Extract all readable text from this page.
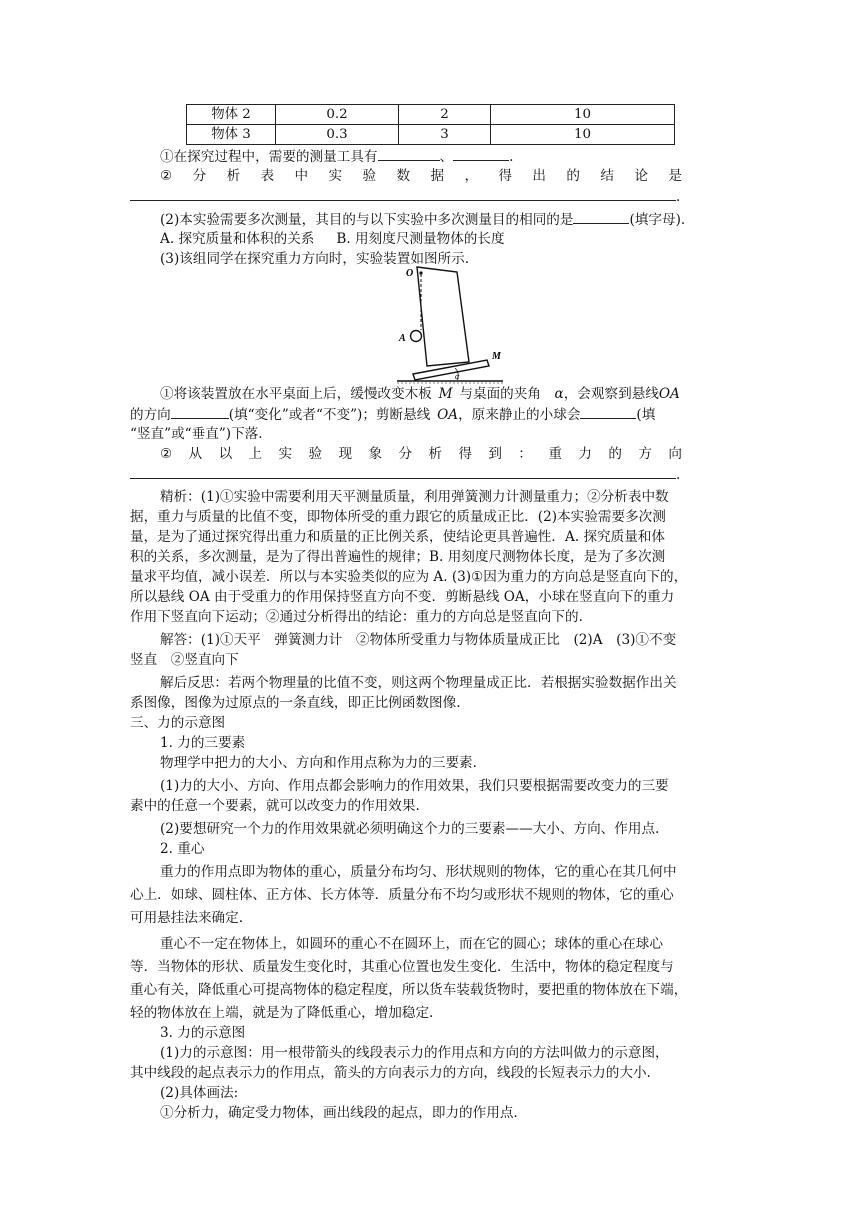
物体 2	0.2	2	10
物体 3	0.3	3	10
①在探究过程中，需要的测量工具有	、	.
② 分 析 表 中 实 验 数 据 ， 得 出 的 结 论 是
.
(2)本实验需要多次测量，其目的与以下实验中多次测量目的相同的是	(填字母).
A. 探究质量和体积的关系 B. 用刻度尺测量物体的长度
(3)该组同学在探究重力方向时，实验装置如图所示.
O
A
M
α
①将该装置放在水平桌面上后，缓慢改变木板  M  与桌面的夹角   α，会观察到悬线OA
的方向	(填“变化”或者“不变”)；剪断悬线  OA，原来静止的小球会	(填
“竖直”或“垂直”)下落.
② 从 以 上 实 验 现 象 分 析 得 到 ： 重 力 的 方 向
.
精析：(1)①实验中需要利用天平测量质量，利用弹簧测力计测量重力；②分析表中数
据，重力与质量的比值不变，即物体所受的重力跟它的质量成正比．(2)本实验需要多次测
量，是为了通过探究得出重力和质量的正比例关系，使结论更具普遍性．A. 探究质量和体
积的关系，多次测量，是为了得出普遍性的规律；B. 用刻度尺测物体长度，是为了多次测
量求平均值，减小误差．所以与本实验类似的应为 A. (3)①因为重力的方向总是竖直向下的，
所以悬线 OA 由于受重力的作用保持竖直方向不变．剪断悬线 OA，小球在竖直向下的重力
作用下竖直向下运动；②通过分析得出的结论：重力的方向总是竖直向下的.
解答：(1)①天平　弹簧测力计　②物体所受重力与物体质量成正比　(2)A　(3)①不变
竖直　②竖直向下
解后反思：若两个物理量的比值不变，则这两个物理量成正比．若根据实验数据作出关
系图像，图像为过原点的一条直线，即正比例函数图像.
三、力的示意图
1. 力的三要素
物理学中把力的大小、方向和作用点称为力的三要素.
(1)力的大小、方向、作用点都会影响力的作用效果，我们只要根据需要改变力的三要
素中的任意一个要素，就可以改变力的作用效果.
(2)要想研究一个力的作用效果就必须明确这个力的三要素——大小、方向、作用点.
2. 重心
重力的作用点即为物体的重心，质量分布均匀、形状规则的物体，它的重心在其几何中
心上．如球、圆柱体、正方体、长方体等．质量分布不均匀或形状不规则的物体，它的重心
可用悬挂法来确定.
重心不一定在物体上，如圆环的重心不在圆环上，而在它的圆心；球体的重心在球心
等．当物体的形状、质量发生变化时，其重心位置也发生变化．生活中，物体的稳定程度与
重心有关，降低重心可提高物体的稳定程度，所以货车装载货物时，要把重的物体放在下端，
轻的物体放在上端，就是为了降低重心，增加稳定.
3. 力的示意图
(1)力的示意图：用一根带箭头的线段表示力的作用点和方向的方法叫做力的示意图，
其中线段的起点表示力的作用点，箭头的方向表示力的方向，线段的长短表示力的大小.
(2)具体画法:
①分析力，确定受力物体，画出线段的起点，即力的作用点.
